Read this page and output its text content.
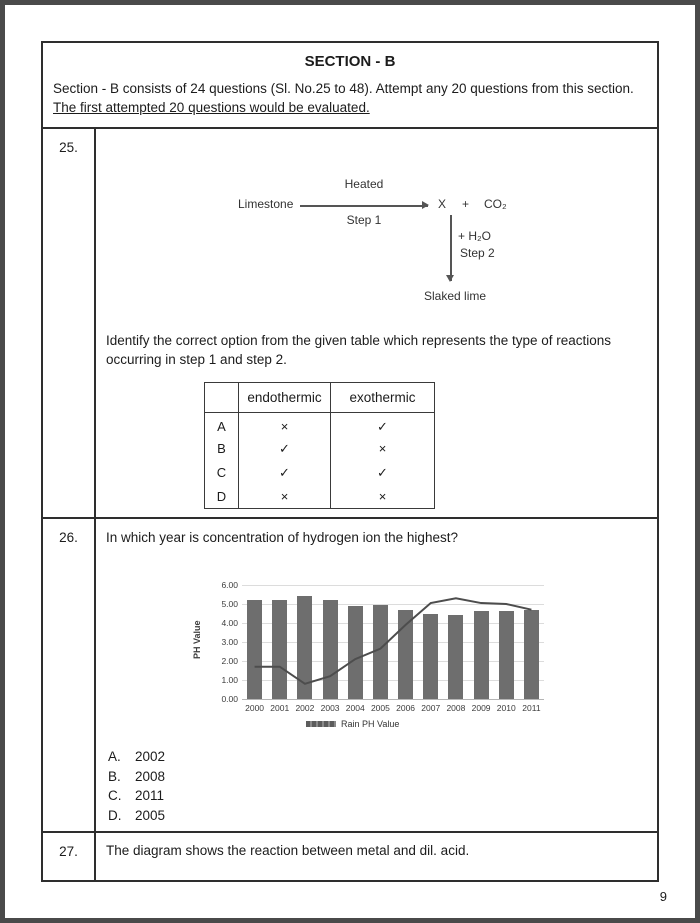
SECTION - B
Section - B consists of 24 questions (Sl. No.25 to 48). Attempt any 20 questions from this section.
The first attempted 20 questions would be evaluated.
25.
Limestone
Heated
Step 1
X + CO₂
+ H₂O
Step 2
Slaked lime
Identify the correct option from the given table which represents the type of reactions occurring in step 1 and step 2.
	endothermic	exothermic
A	×	✓
B	✓	×
C	✓	✓
D	×	×
26.	In which year is concentration of hydrogen ion the highest?
PH Value
0.00
1.00
2.00
3.00
4.00
5.00
6.00
2000 2001 2002 2003 2004 2005 2006 2007 2008 2009 2010 2011
Rain PH Value
A.	2002
B.	2008
C.	2011
D.	2005
27.	The diagram shows the reaction between metal and dil. acid.
9
